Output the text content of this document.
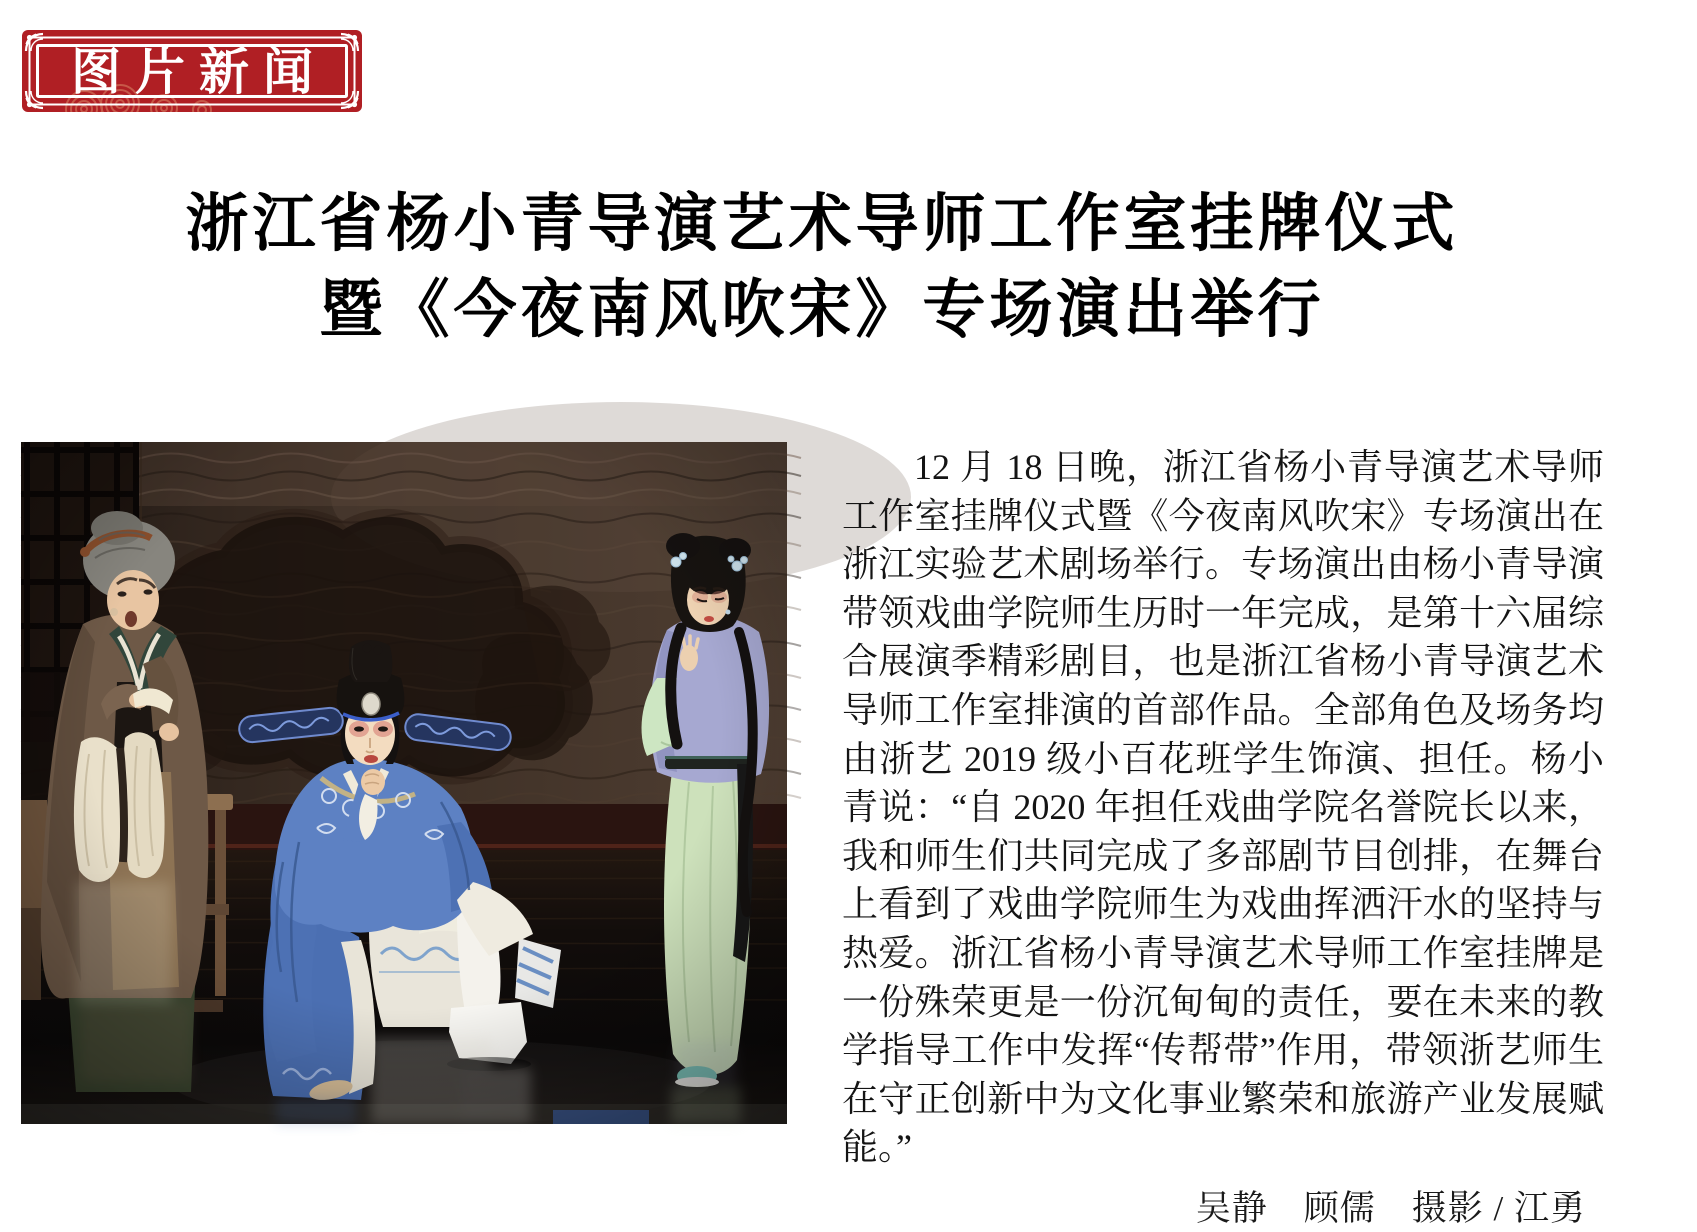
图片新闻
浙江省杨小青导演艺术导师工作室挂牌仪式
暨《今夜南风吹宋》专场演出举行

12 月 18 日晚，浙江省杨小青导演艺术导师工作室挂牌仪式暨《今夜南风吹宋》专场演出在浙江实验艺术剧场举行。专场演出由杨小青导演带领戏曲学院师生历时一年完成，是第十六届综合展演季精彩剧目，也是浙江省杨小青导演艺术导师工作室排演的首部作品。全部角色及场务均由浙艺 2019 级小百花班学生饰演、担任。杨小青说：“自 2020 年担任戏曲学院名誉院长以来，我和师生们共同完成了多部剧节目创排，在舞台上看到了戏曲学院师生为戏曲挥洒汗水的坚持与热爱。浙江省杨小青导演艺术导师工作室挂牌是一份殊荣更是一份沉甸甸的责任，要在未来的教学指导工作中发挥“传帮带”作用，带领浙艺师生在守正创新中为文化事业繁荣和旅游产业发展赋能。”

吴静　顾儒　摄影 / 江勇
